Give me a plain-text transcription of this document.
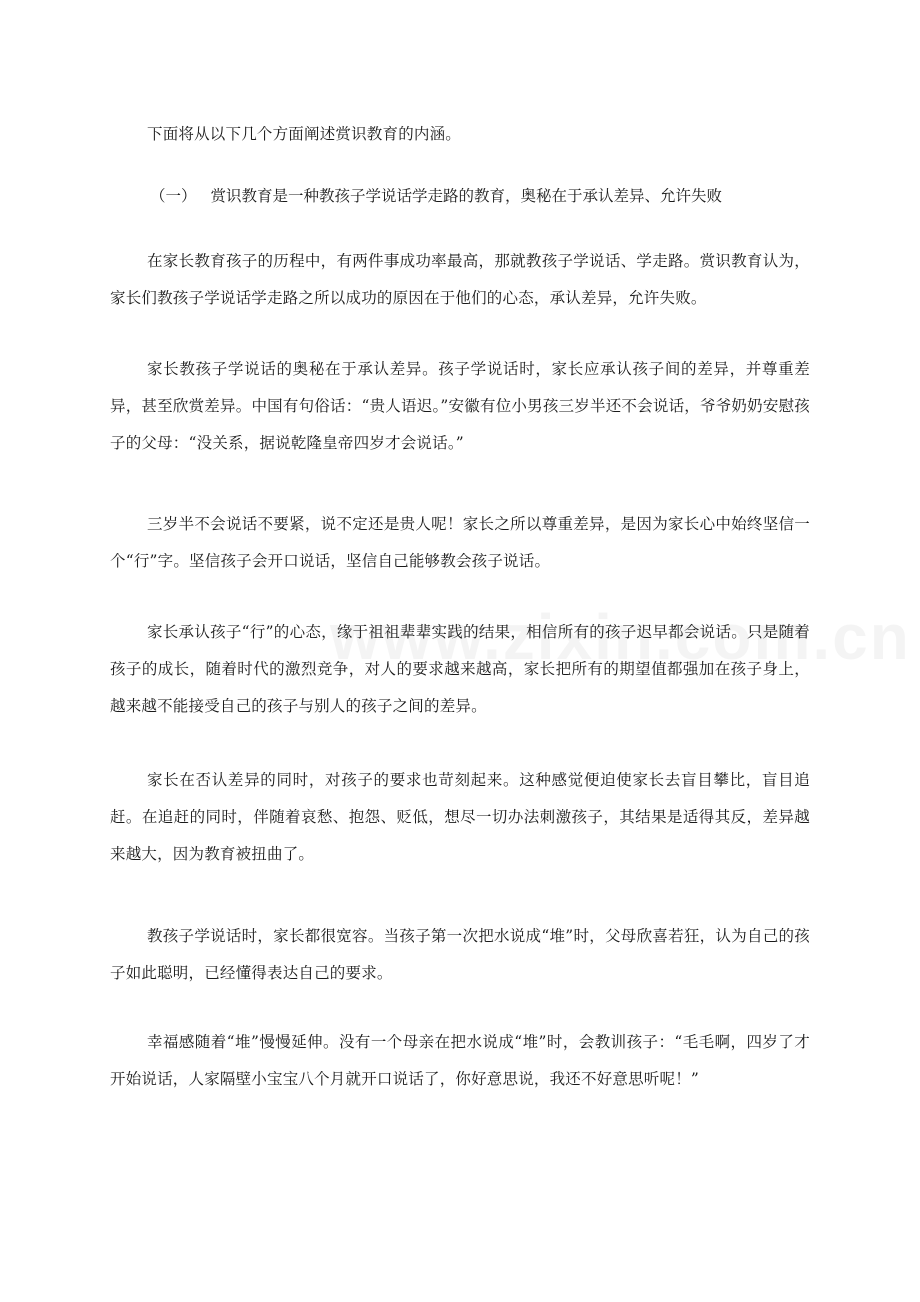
下面将从以下几个方面阐述赏识教育的内涵。

（一） 赏识教育是一种教孩子学说话学走路的教育，奥秘在于承认差异、允许失败

在家长教育孩子的历程中，有两件事成功率最高，那就教孩子学说话、学走路。赏识教育认为，家长们教孩子学说话学走路之所以成功的原因在于他们的心态，承认差异，允许失败。

家长教孩子学说话的奥秘在于承认差异。孩子学说话时，家长应承认孩子间的差异，并尊重差异，甚至欣赏差异。中国有句俗话：“贵人语迟。”安徽有位小男孩三岁半还不会说话，爷爷奶奶安慰孩子的父母：“没关系，据说乾隆皇帝四岁才会说话。”

三岁半不会说话不要紧，说不定还是贵人呢！家长之所以尊重差异，是因为家长心中始终坚信一个“行”字。坚信孩子会开口说话，坚信自己能够教会孩子说话。

家长承认孩子“行”的心态，缘于祖祖辈辈实践的结果，相信所有的孩子迟早都会说话。只是随着孩子的成长，随着时代的激烈竞争，对人的要求越来越高，家长把所有的期望值都强加在孩子身上，越来越不能接受自己的孩子与别人的孩子之间的差异。

家长在否认差异的同时，对孩子的要求也苛刻起来。这种感觉便迫使家长去盲目攀比，盲目追赶。在追赶的同时，伴随着哀愁、抱怨、贬低，想尽一切办法刺激孩子，其结果是适得其反，差异越来越大，因为教育被扭曲了。

教孩子学说话时，家长都很宽容。当孩子第一次把水说成“堆”时，父母欣喜若狂，认为自己的孩子如此聪明，已经懂得表达自己的要求。

幸福感随着“堆”慢慢延伸。没有一个母亲在把水说成“堆”时，会教训孩子：“毛毛啊，四岁了才开始说话，人家隔壁小宝宝八个月就开口说话了，你好意思说，我还不好意思听呢！”
